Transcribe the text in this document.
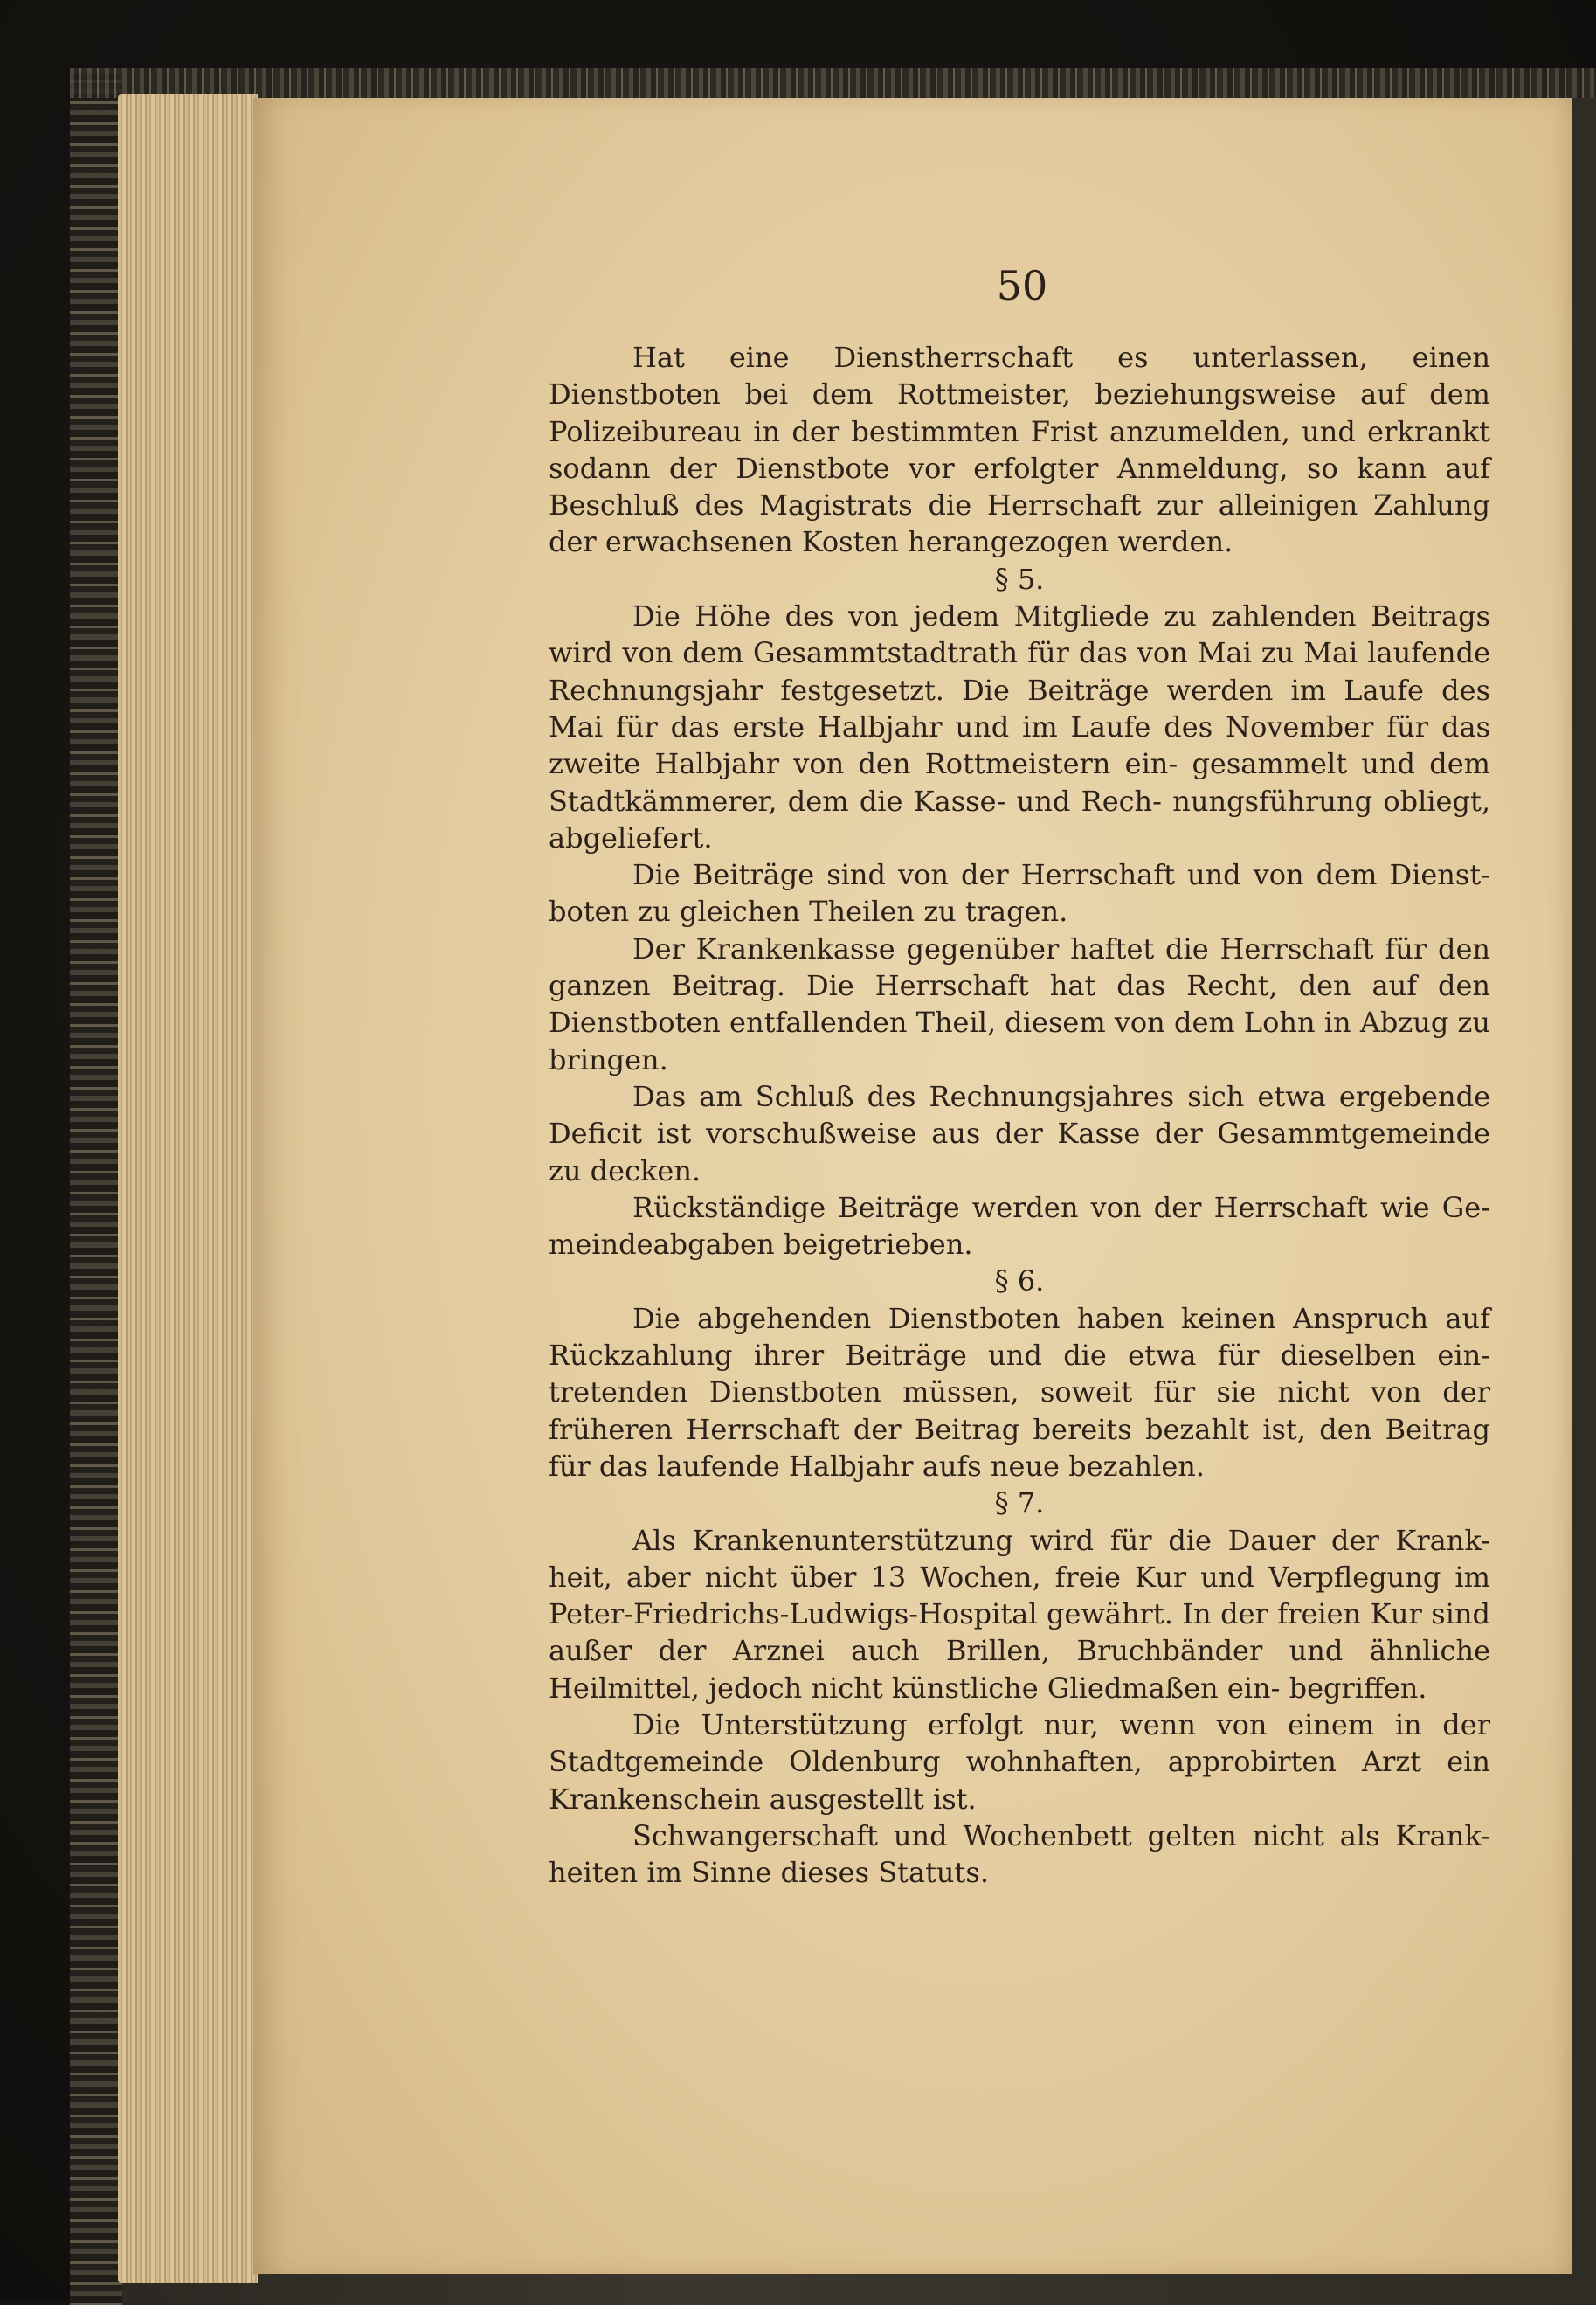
50

Hat eine Dienstherrschaft es unterlassen, einen Dienstboten bei dem Rottmeister, beziehungsweise auf dem Polizeibureau in der bestimmten Frist anzumelden, und erkrankt sodann der Dienstbote vor erfolgter Anmeldung, so kann auf Beschluß des Magistrats die Herrschaft zur alleinigen Zahlung der erwachsenen Kosten herangezogen werden.

§ 5.

Die Höhe des von jedem Mitgliede zu zahlenden Beitrags wird von dem Gesammtstadtrath für das von Mai zu Mai laufende Rechnungsjahr festgesetzt. Die Beiträge werden im Laufe des Mai für das erste Halbjahr und im Laufe des November für das zweite Halbjahr von den Rottmeistern ein- gesammelt und dem Stadtkämmerer, dem die Kasse- und Rech- nungsführung obliegt, abgeliefert.

Die Beiträge sind von der Herrschaft und von dem Dienst- boten zu gleichen Theilen zu tragen.

Der Krankenkasse gegenüber haftet die Herrschaft für den ganzen Beitrag. Die Herrschaft hat das Recht, den auf den Dienstboten entfallenden Theil, diesem von dem Lohn in Abzug zu bringen.

Das am Schluß des Rechnungsjahres sich etwa ergebende Deficit ist vorschußweise aus der Kasse der Gesammtgemeinde zu decken.

Rückständige Beiträge werden von der Herrschaft wie Ge- meindeabgaben beigetrieben.

§ 6.

Die abgehenden Dienstboten haben keinen Anspruch auf Rückzahlung ihrer Beiträge und die etwa für dieselben ein- tretenden Dienstboten müssen, soweit für sie nicht von der früheren Herrschaft der Beitrag bereits bezahlt ist, den Beitrag für das laufende Halbjahr aufs neue bezahlen.

§ 7.

Als Krankenunterstützung wird für die Dauer der Krank- heit, aber nicht über 13 Wochen, freie Kur und Verpflegung im Peter-Friedrichs-Ludwigs-Hospital gewährt. In der freien Kur sind außer der Arznei auch Brillen, Bruchbänder und ähnliche Heilmittel, jedoch nicht künstliche Gliedmaßen ein- begriffen.

Die Unterstützung erfolgt nur, wenn von einem in der Stadtgemeinde Oldenburg wohnhaften, approbirten Arzt ein Krankenschein ausgestellt ist.

Schwangerschaft und Wochenbett gelten nicht als Krank- heiten im Sinne dieses Statuts.
